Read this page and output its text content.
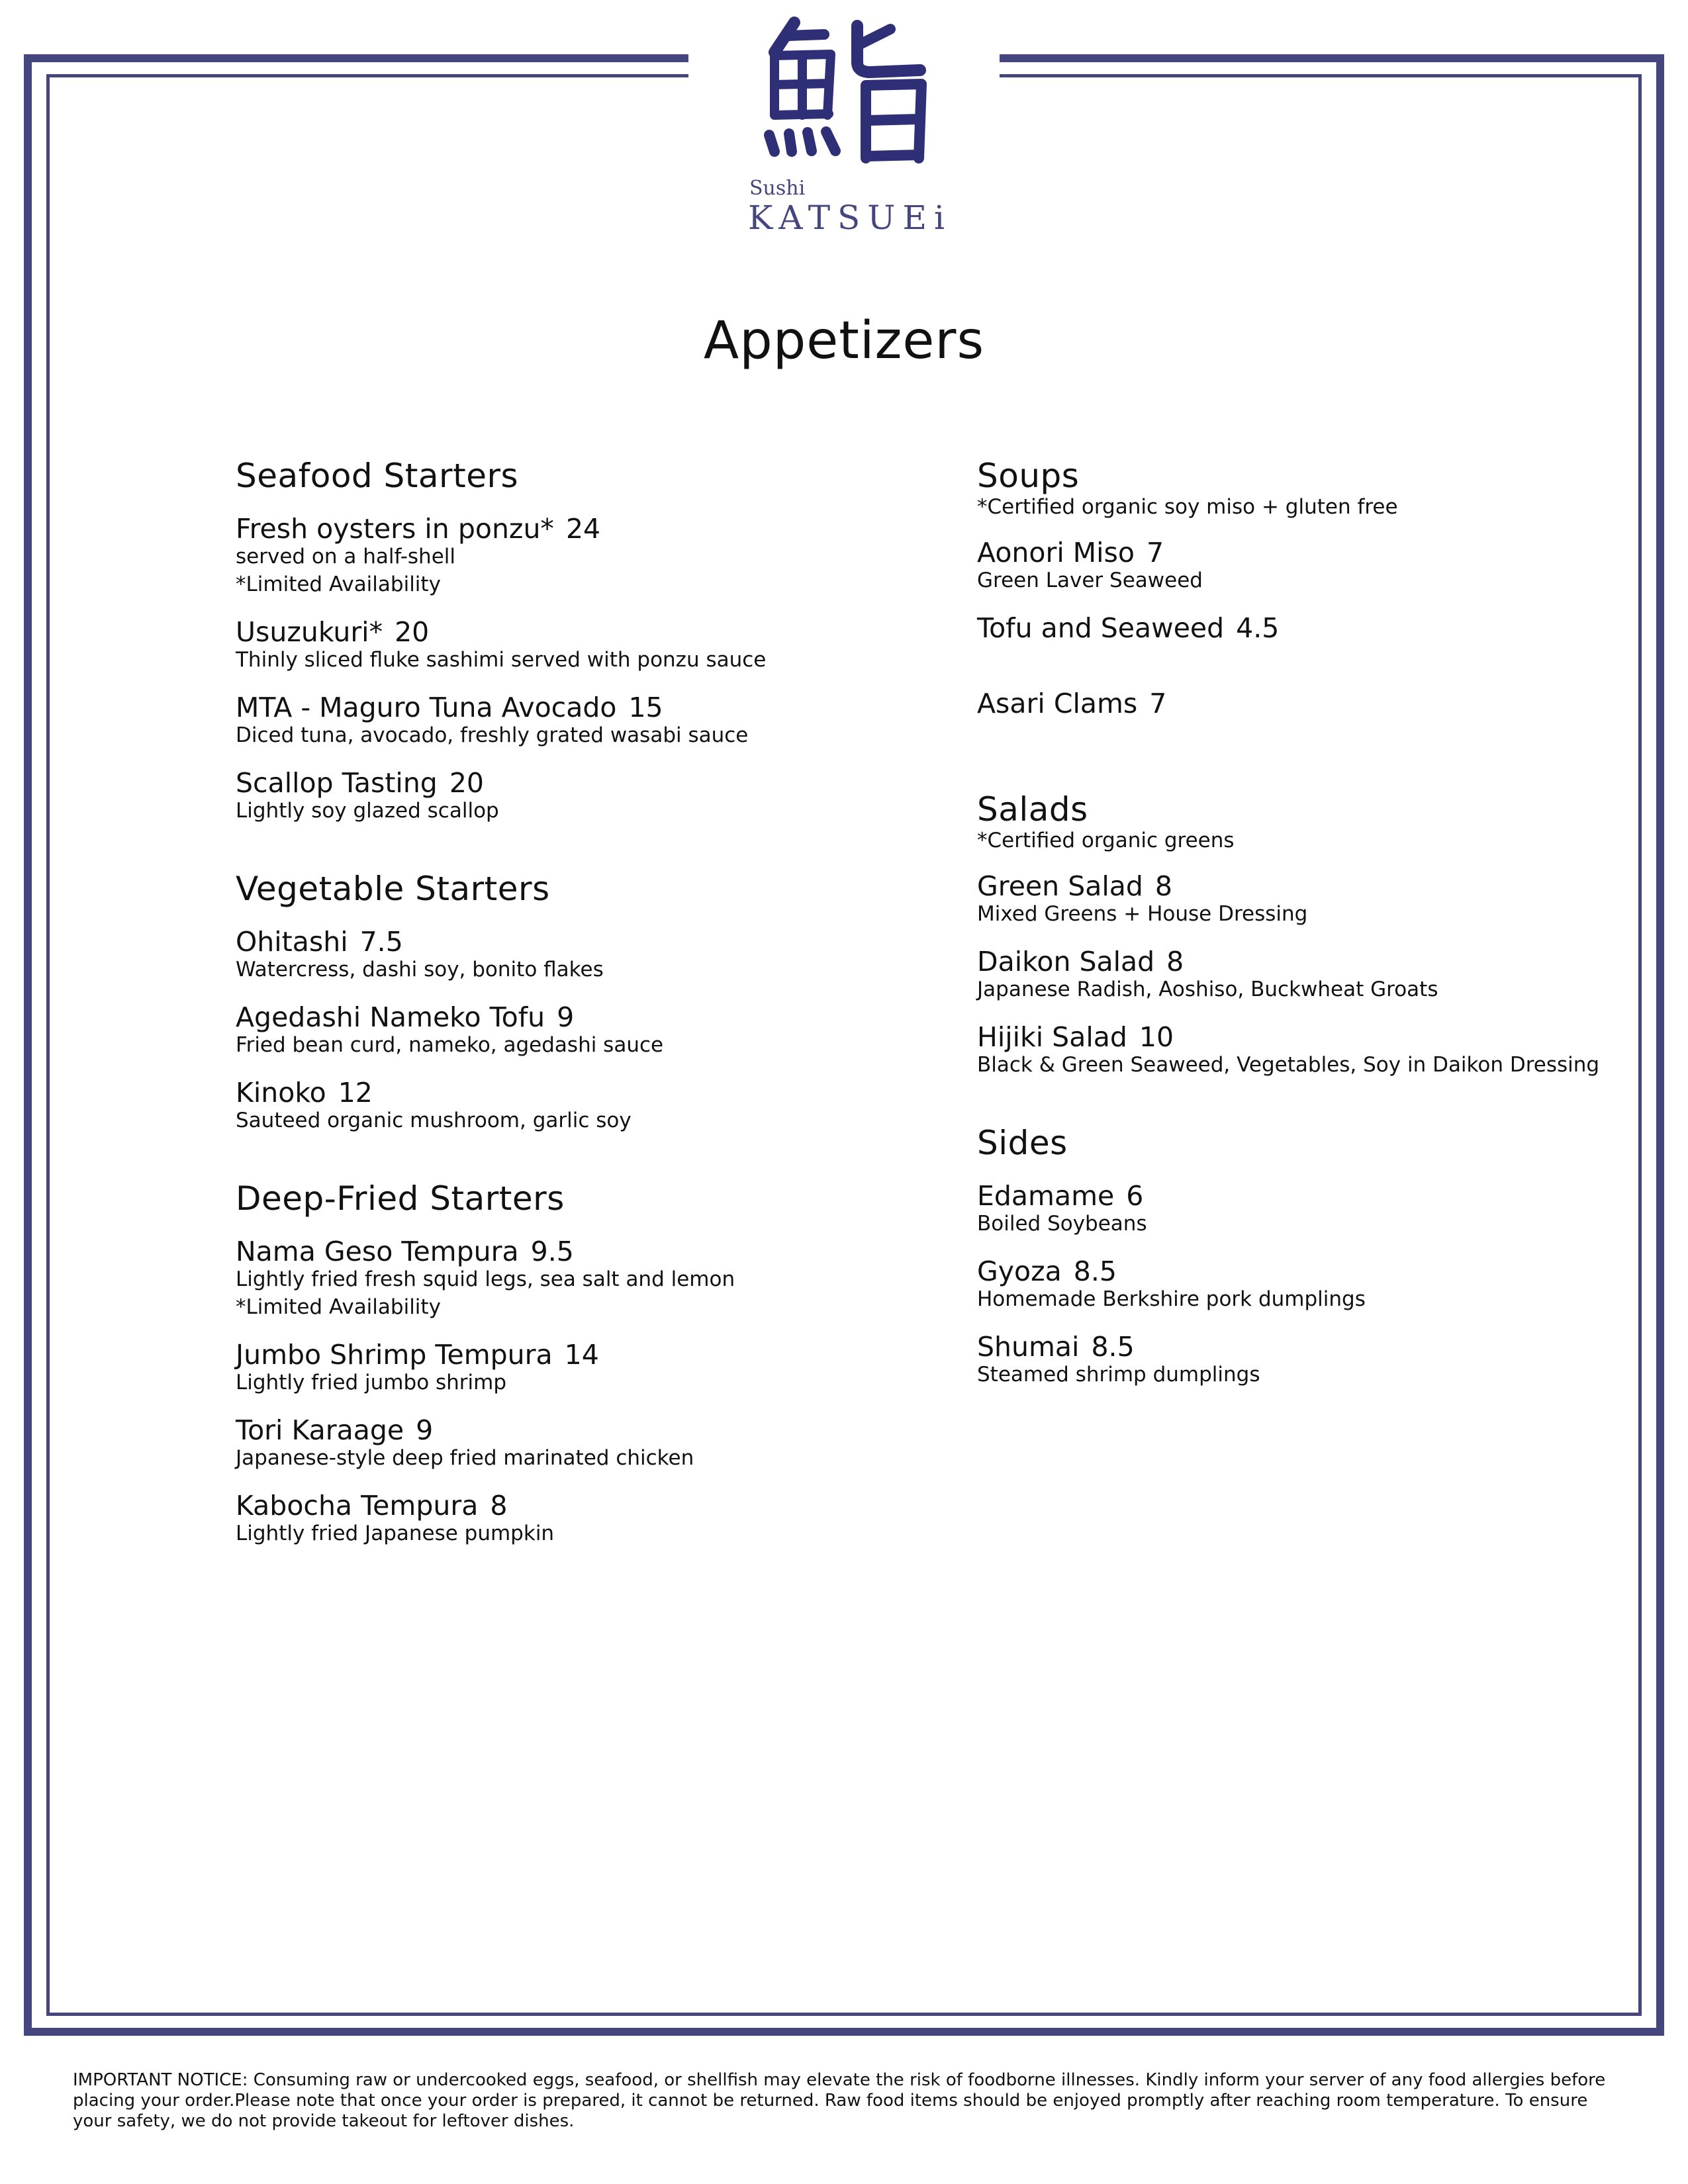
Sushi
KATSUEi
Appetizers
Seafood Starters
Fresh oysters in ponzu* 24
served on a half-shell
*Limited Availability
Usuzukuri* 20
Thinly sliced fluke sashimi served with ponzu sauce
MTA - Maguro Tuna Avocado 15
Diced tuna, avocado, freshly grated wasabi sauce
Scallop Tasting 20
Lightly soy glazed scallop
Vegetable Starters
Ohitashi 7.5
Watercress, dashi soy, bonito flakes
Agedashi Nameko Tofu 9
Fried bean curd, nameko, agedashi sauce
Kinoko 12
Sauteed organic mushroom, garlic soy
Deep-Fried Starters
Nama Geso Tempura 9.5
Lightly fried fresh squid legs, sea salt and lemon
*Limited Availability
Jumbo Shrimp Tempura 14
Lightly fried jumbo shrimp
Tori Karaage 9
Japanese-style deep fried marinated chicken
Kabocha Tempura 8
Lightly fried Japanese pumpkin
Soups
*Certified organic soy miso + gluten free
Aonori Miso 7
Green Laver Seaweed
Tofu and Seaweed 4.5
Asari Clams 7
Salads
*Certified organic greens
Green Salad 8
Mixed Greens + House Dressing
Daikon Salad 8
Japanese Radish, Aoshiso, Buckwheat Groats
Hijiki Salad 10
Black & Green Seaweed, Vegetables, Soy in Daikon Dressing
Sides
Edamame 6
Boiled Soybeans
Gyoza 8.5
Homemade Berkshire pork dumplings
Shumai 8.5
Steamed shrimp dumplings

IMPORTANT NOTICE: Consuming raw or undercooked eggs, seafood, or shellfish may elevate the risk of foodborne illnesses. Kindly inform your server of any food allergies before placing your order.Please note that once your order is prepared, it cannot be returned. Raw food items should be enjoyed promptly after reaching room temperature. To ensure your safety, we do not provide takeout for leftover dishes.
